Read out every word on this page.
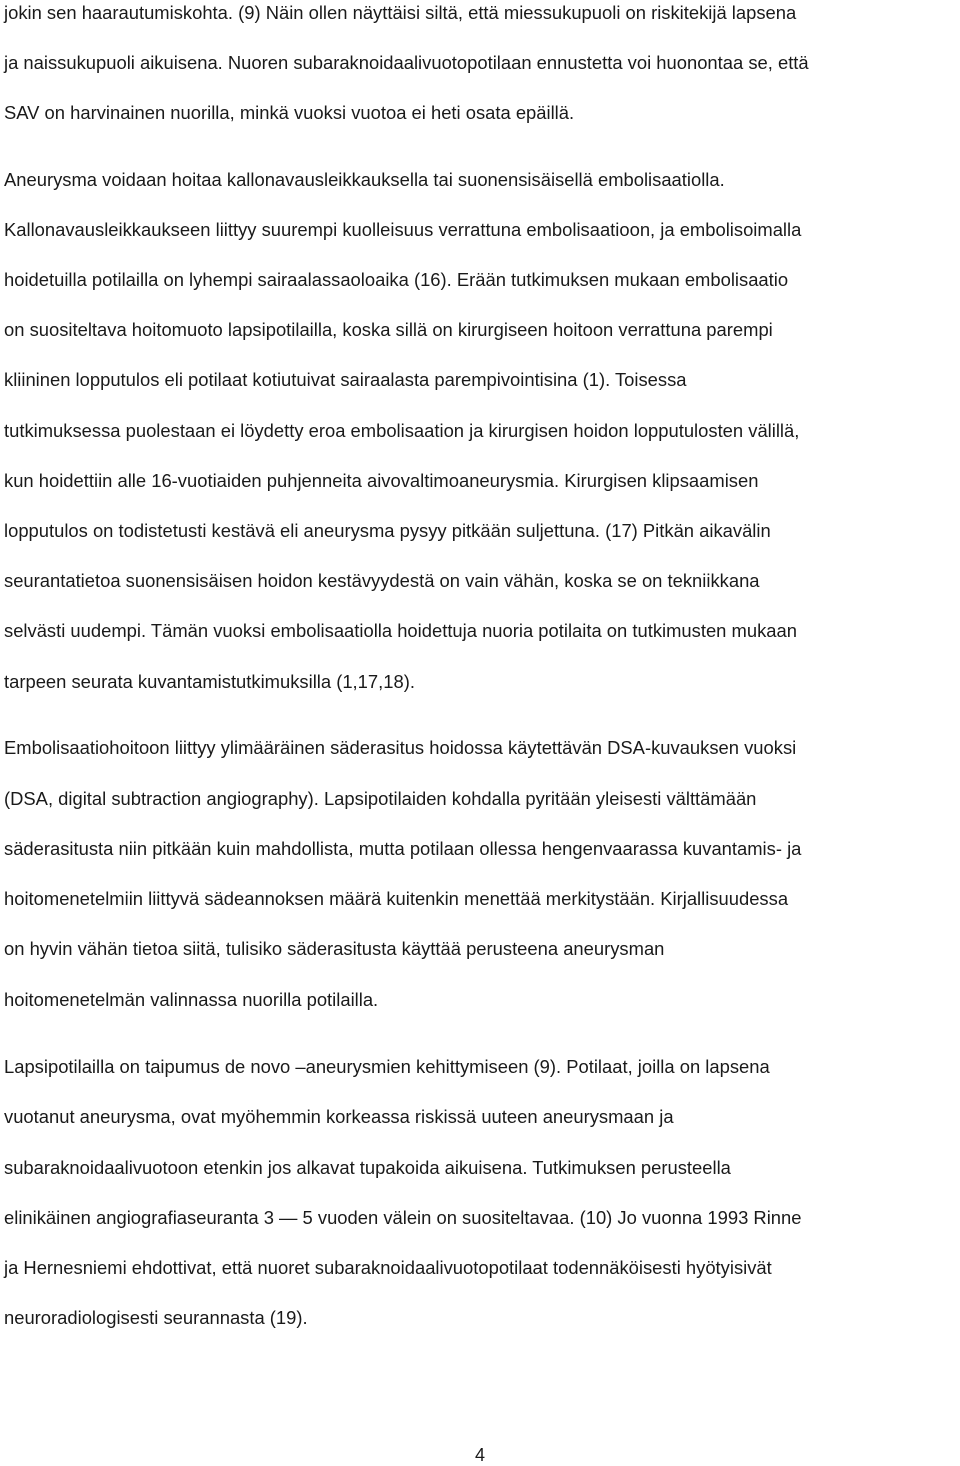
jokin sen haarautumiskohta. (9) Näin ollen näyttäisi siltä, että miessukupuoli on riskitekijä lapsena
ja naissukupuoli aikuisena. Nuoren subaraknoidaalivuotopotilaan ennustetta voi huonontaa se, että
SAV on harvinainen nuorilla, minkä vuoksi vuotoa ei heti osata epäillä.
Aneurysma voidaan hoitaa kallonavausleikkauksella tai suonensisäisellä embolisaatiolla.
Kallonavausleikkaukseen liittyy suurempi kuolleisuus verrattuna embolisaatioon, ja embolisoimalla
hoidetuilla potilailla on lyhempi sairaalassaoloaika (16). Erään tutkimuksen mukaan embolisaatio
on suositeltava hoitomuoto lapsipotilailla, koska sillä on kirurgiseen hoitoon verrattuna parempi
kliininen lopputulos eli potilaat kotiutuivat sairaalasta parempivointisina (1). Toisessa
tutkimuksessa puolestaan ei löydetty eroa embolisaation ja kirurgisen hoidon lopputulosten välillä,
kun hoidettiin alle 16-vuotiaiden puhjenneita aivovaltimoaneurysmia. Kirurgisen klipsaamisen
lopputulos on todistetusti kestävä eli aneurysma pysyy pitkään suljettuna. (17) Pitkän aikavälin
seurantatietoa suonensisäisen hoidon kestävyydestä on vain vähän, koska se on tekniikkana
selvästi uudempi. Tämän vuoksi embolisaatiolla hoidettuja nuoria potilaita on tutkimusten mukaan
tarpeen seurata kuvantamistutkimuksilla (1,17,18).
Embolisaatiohoitoon liittyy ylimääräinen säderasitus hoidossa käytettävän DSA-kuvauksen vuoksi
(DSA, digital subtraction angiography). Lapsipotilaiden kohdalla pyritään yleisesti välttämään
säderasitusta niin pitkään kuin mahdollista, mutta potilaan ollessa hengenvaarassa kuvantamis- ja
hoitomenetelmiin liittyvä sädeannoksen määrä kuitenkin menettää merkitystään. Kirjallisuudessa
on hyvin vähän tietoa siitä, tulisiko säderasitusta käyttää perusteena aneurysman
hoitomenetelmän valinnassa nuorilla potilailla.
Lapsipotilailla on taipumus de novo –aneurysmien kehittymiseen (9). Potilaat, joilla on lapsena
vuotanut aneurysma, ovat myöhemmin korkeassa riskissä uuteen aneurysmaan ja
subaraknoidaalivuotoon etenkin jos alkavat tupakoida aikuisena. Tutkimuksen perusteella
elinikäinen angiografiaseuranta 3 — 5 vuoden välein on suositeltavaa. (10) Jo vuonna 1993 Rinne
ja Hernesniemi ehdottivat, että nuoret subaraknoidaalivuotopotilaat todennäköisesti hyötyisivät
neuroradiologisesti seurannasta (19).
4
